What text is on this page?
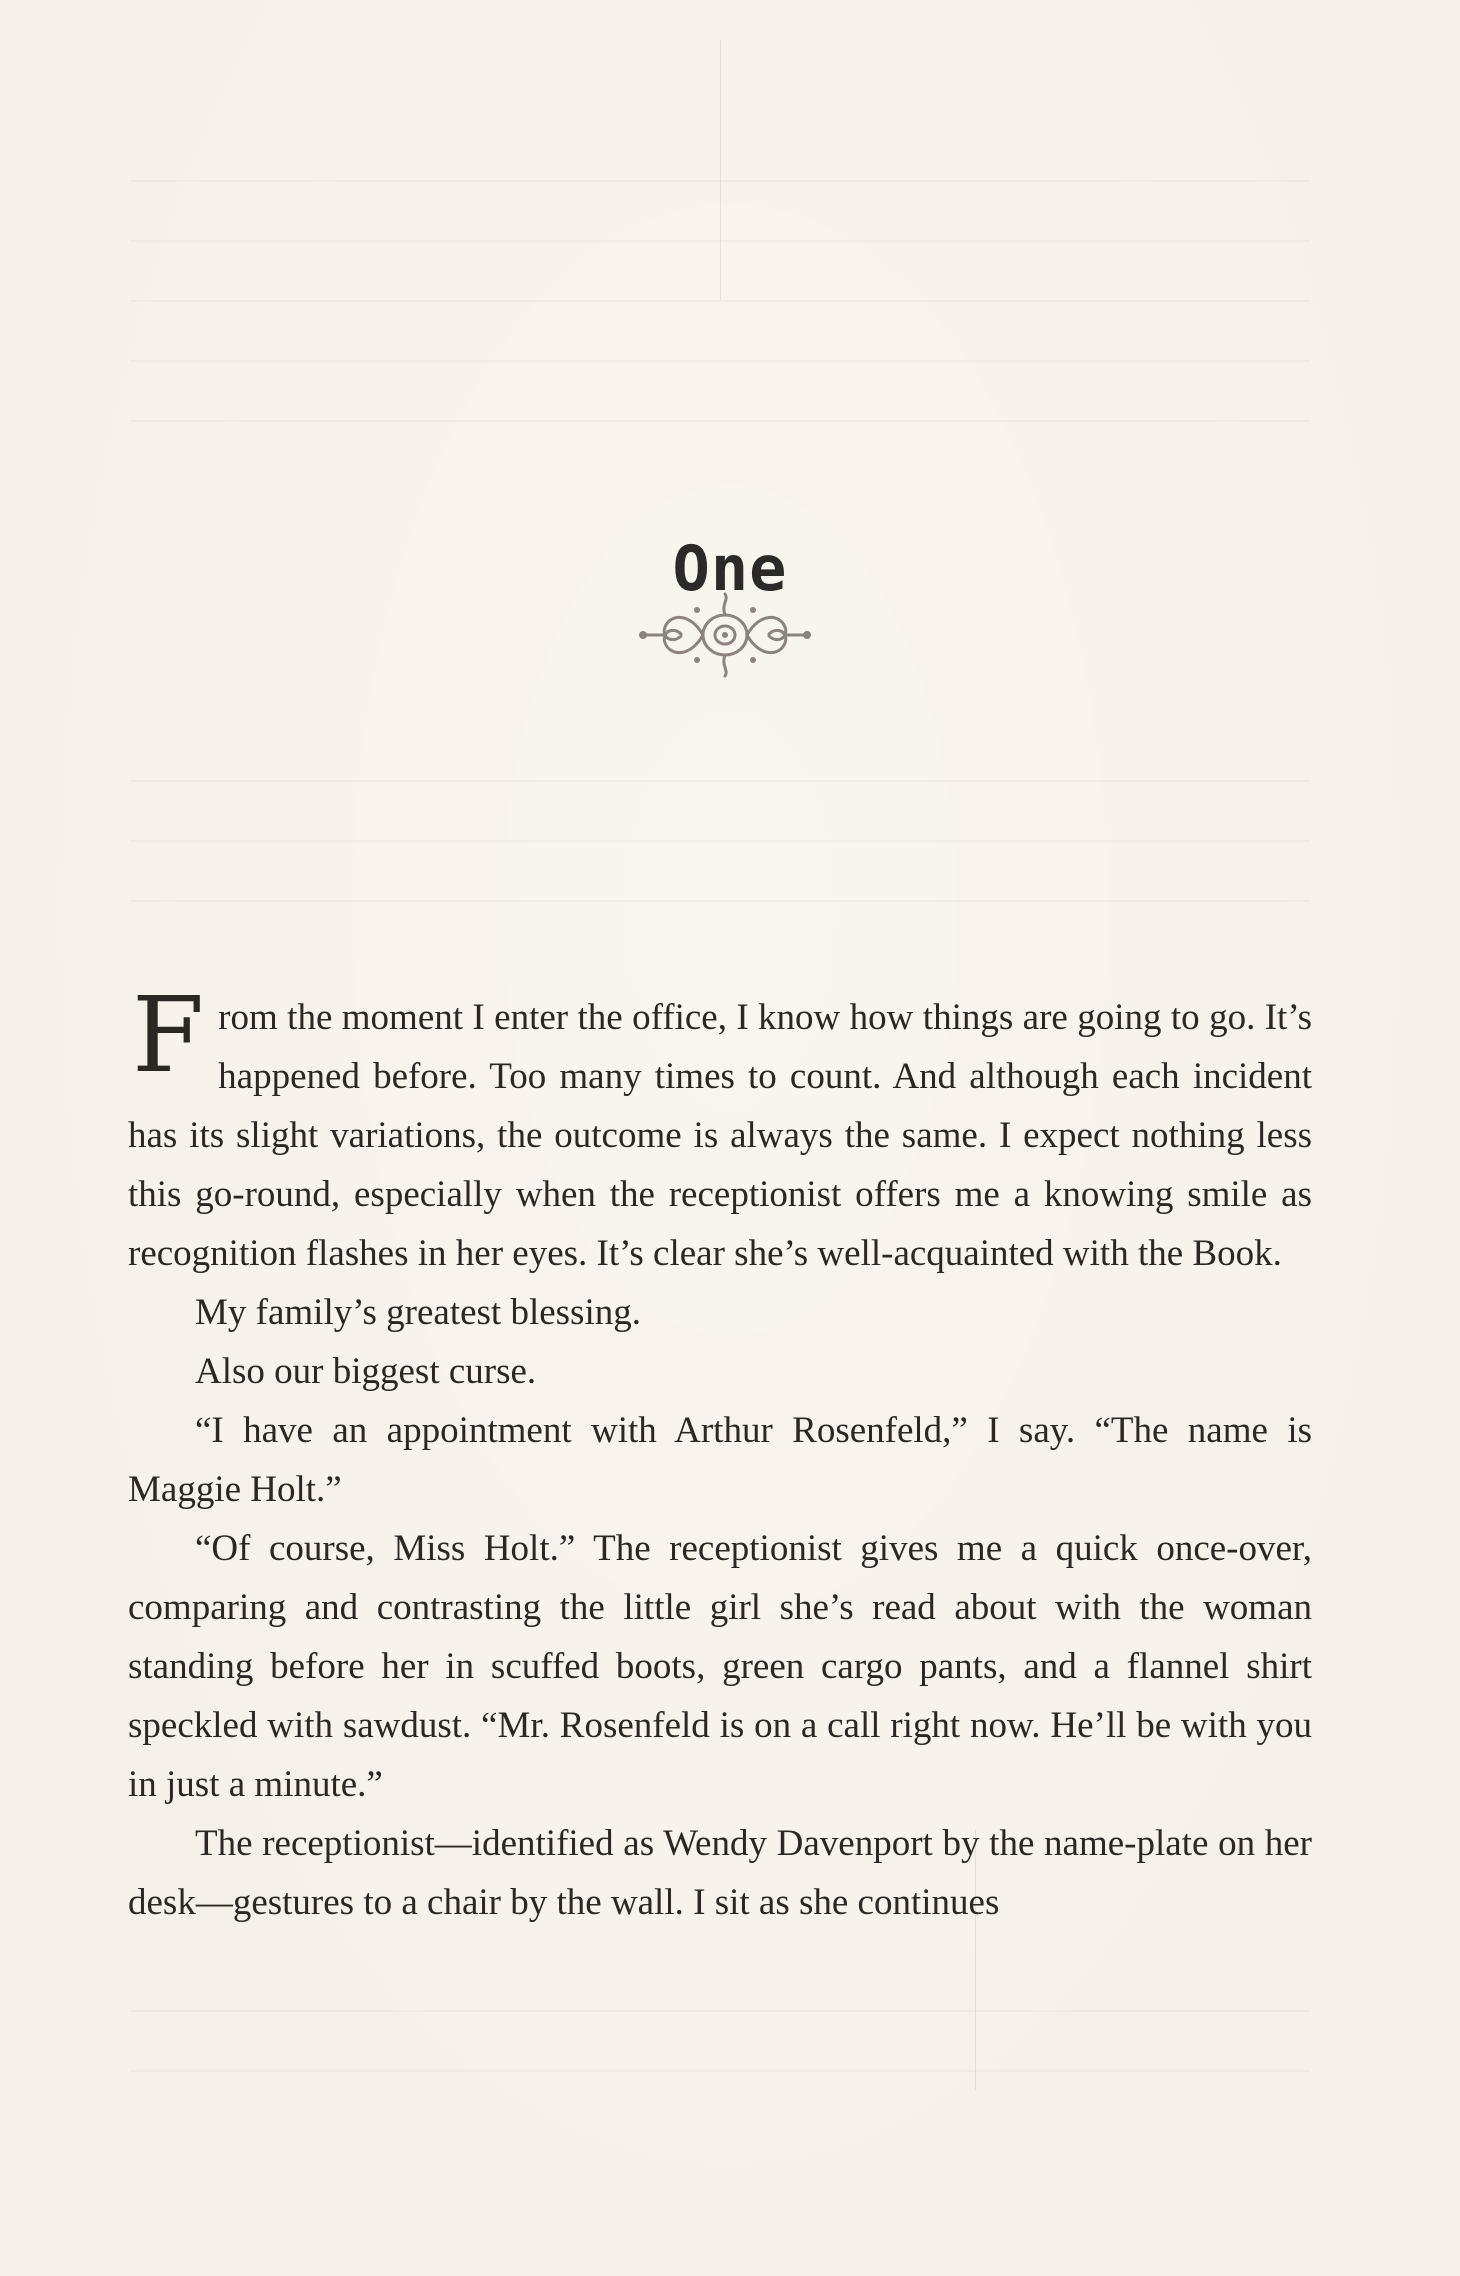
One

From the moment I enter the office, I know how things are going to go. It’s happened before. Too many times to count. And although each incident has its slight variations, the outcome is always the same. I expect nothing less this go-round, especially when the receptionist offers me a knowing smile as recognition flashes in her eyes. It’s clear she’s well-acquainted with the Book.

My family’s greatest blessing.

Also our biggest curse.

“I have an appointment with Arthur Rosenfeld,” I say. “The name is Maggie Holt.”

“Of course, Miss Holt.” The receptionist gives me a quick once-over, comparing and contrasting the little girl she’s read about with the woman standing before her in scuffed boots, green cargo pants, and a flannel shirt speckled with sawdust. “Mr. Rosenfeld is on a call right now. He’ll be with you in just a minute.”

The receptionist—identified as Wendy Davenport by the name-plate on her desk—gestures to a chair by the wall. I sit as she continues
